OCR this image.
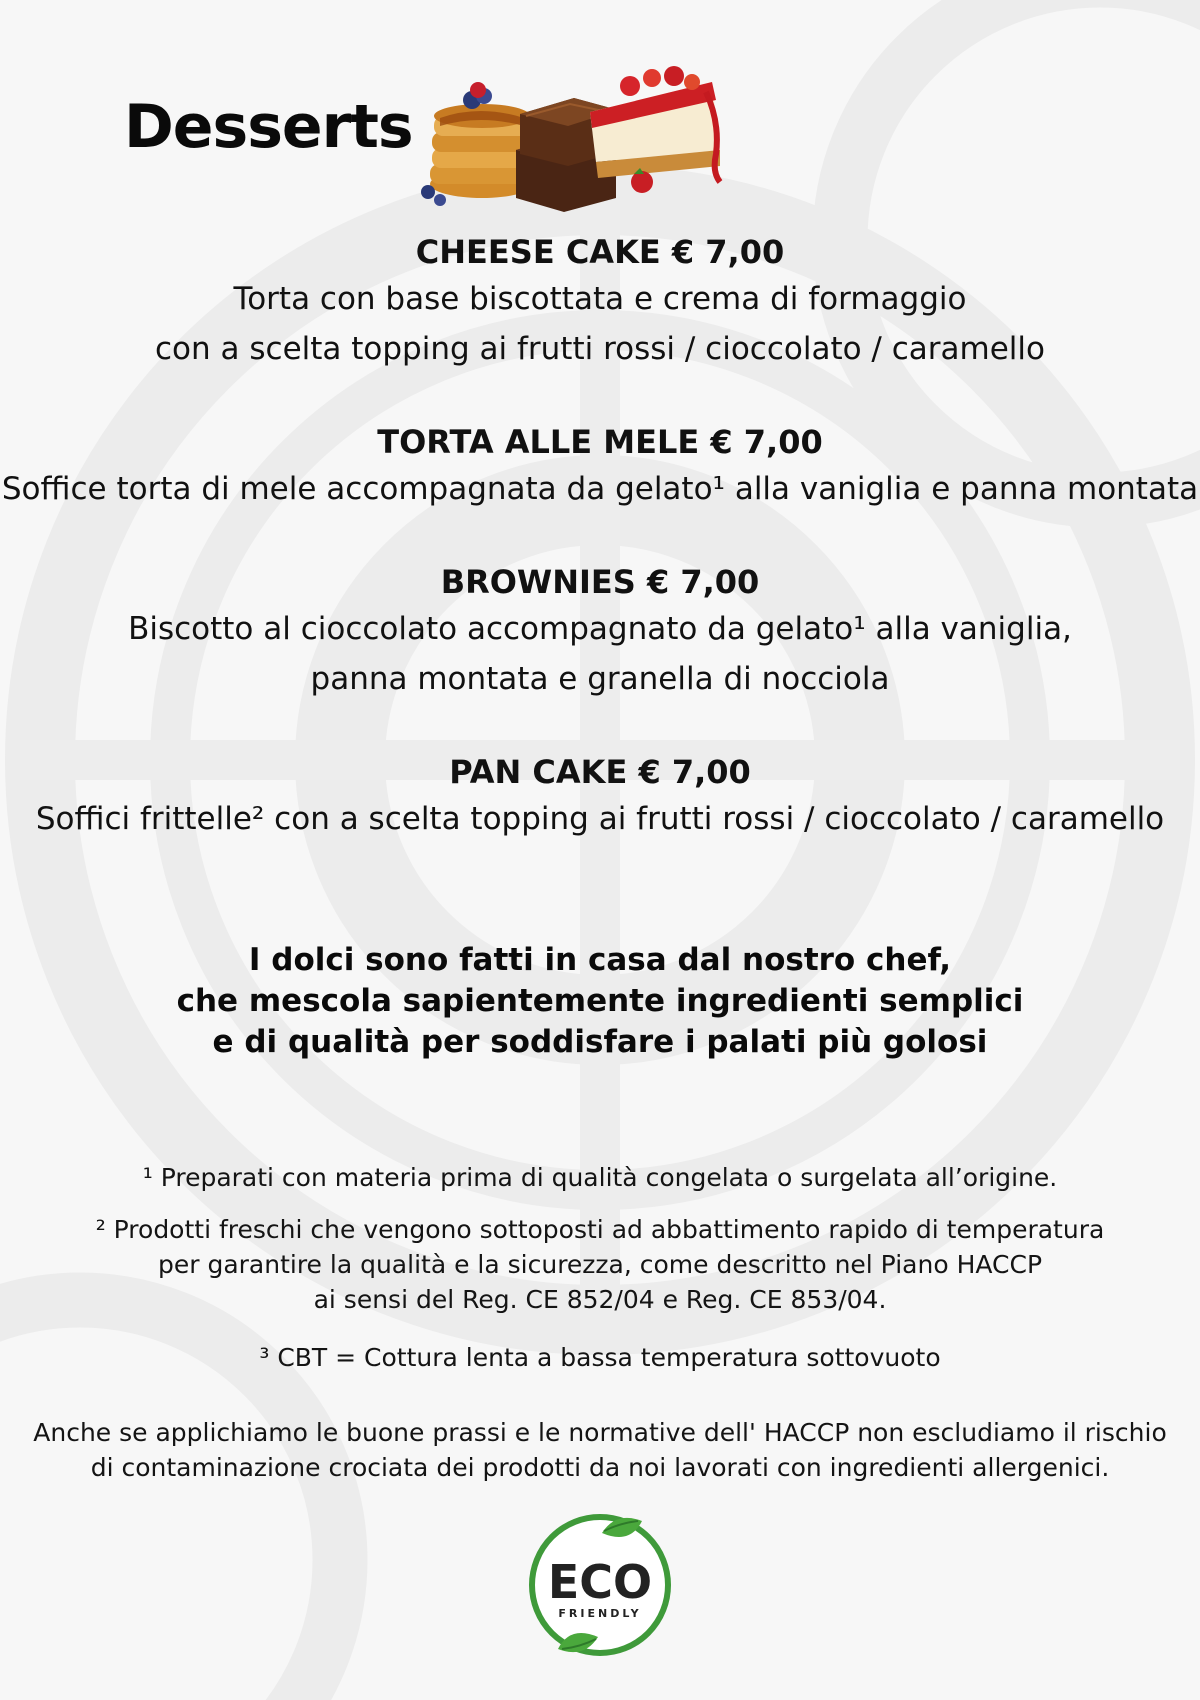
Desserts
CHEESE CAKE € 7,00
Torta con base biscottata e crema di formaggio
con a scelta topping ai frutti rossi / cioccolato / caramello
TORTA ALLE MELE € 7,00
Soffice torta di mele accompagnata da gelato¹ alla vaniglia e panna montata
BROWNIES € 7,00
Biscotto al cioccolato accompagnato da gelato¹ alla vaniglia,
panna montata e granella di nocciola
PAN CAKE € 7,00
Soffici frittelle² con a scelta topping ai frutti rossi / cioccolato / caramello
I dolci sono fatti in casa dal nostro chef,
che mescola sapientemente ingredienti semplici
e di qualità per soddisfare i palati più golosi
¹ Preparati con materia prima di qualità congelata o surgelata all’origine.
² Prodotti freschi che vengono sottoposti ad abbattimento rapido di temperatura
per garantire la qualità e la sicurezza, come descritto nel Piano HACCP
ai sensi del Reg. CE 852/04 e Reg. CE 853/04.
³ CBT = Cottura lenta a bassa temperatura sottovuoto
Anche se applichiamo le buone prassi e le normative dell' HACCP non escludiamo il rischio
di contaminazione crociata dei prodotti da noi lavorati con ingredienti allergenici.
ECO
FRIENDLY
